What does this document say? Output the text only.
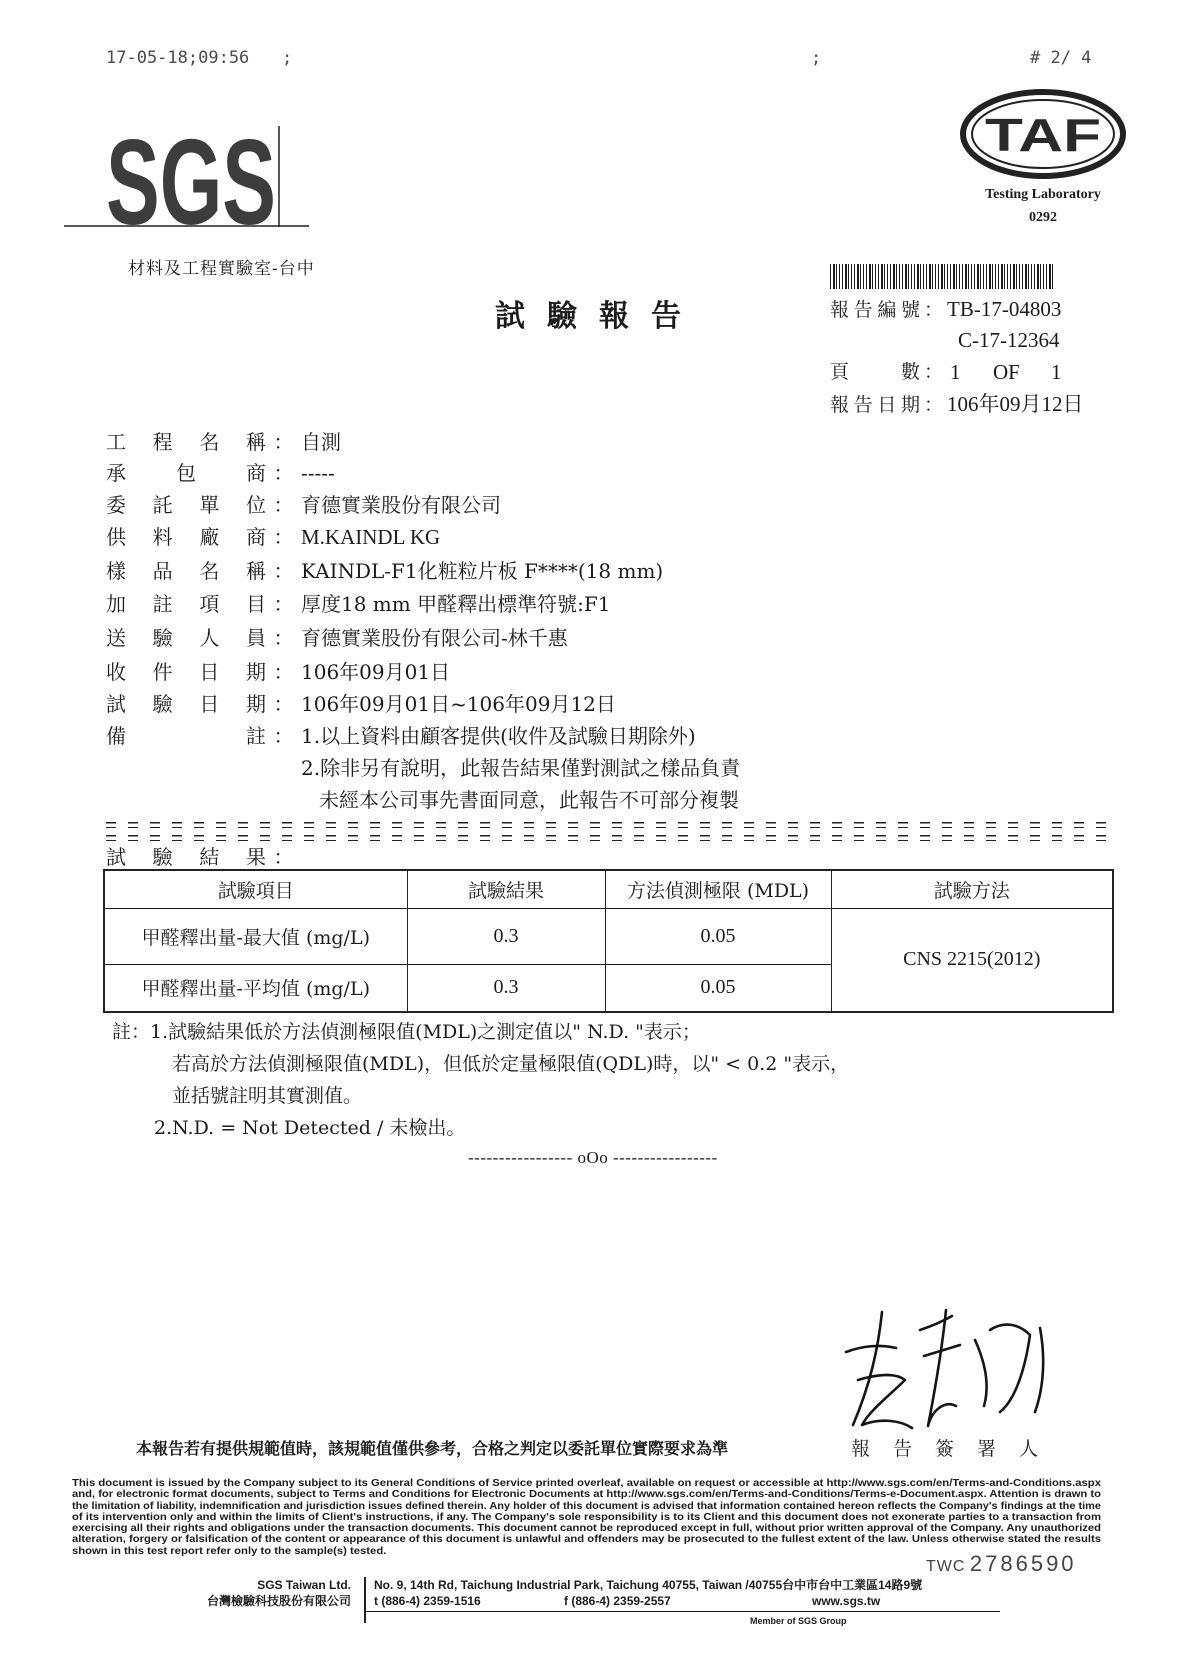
17-05-18;09:56 ;	;	# 2/ 4
SGS
材料及工程實驗室-台中
TAF
Testing Laboratory
0292
試驗報告	報告編號 ： TB-17-04803
C-17-12364
頁數 ： 1 OF 1
報告日期 ： 106年09月12日
工程名稱 ： 自測
承包商 ： -----
委託單位 ： 育德實業股份有限公司
供料廠商 ： M.KAINDL KG
樣品名稱 ： KAINDL-F1化粧粒片板 F****(18 mm)
加註項目 ： 厚度18 mm 甲醛釋出標準符號:F1
送驗人員 ： 育德實業股份有限公司-林千惠
收件日期 ： 106年09月01日
試驗日期 ： 106年09月01日~106年09月12日
備註 ： 1.以上資料由顧客提供(收件及試驗日期除外)
2.除非另有說明，此報告結果僅對測試之樣品負責
未經本公司事先書面同意，此報告不可部分複製
試驗結果 ：
試驗項目	試驗結果	方法偵測極限 (MDL)	試驗方法
甲醛釋出量-最大值 (mg/L)	0.3	0.05	CNS 2215(2012)
甲醛釋出量-平均值 (mg/L)	0.3	0.05	
註：1.試驗結果低於方法偵測極限值(MDL)之測定值以" N.D. "表示；
若高於方法偵測極限值(MDL)，但低於定量極限值(QDL)時，以" < 0.2 "表示，
並括號註明其實測值。
2.N.D. = Not Detected / 未檢出。
----------------- oOo -----------------
本報告若有提供規範值時，該規範值僅供參考，合格之判定以委託單位實際要求為準	報告簽署人
This document is issued by the Company subject to its General Conditions of Service printed overleaf, available on request or accessible at http://www.sgs.com/en/Terms-and-Conditions.aspx
and, for electronic format documents, subject to Terms and Conditions for Electronic Documents at http://www.sgs.com/en/Terms-and-Conditions/Terms-e-Document.aspx. Attention is drawn to
the limitation of liability, indemnification and jurisdiction issues defined therein. Any holder of this document is advised that information contained hereon reflects the Company's findings at the time
of its intervention only and within the limits of Client's instructions, if any. The Company's sole responsibility is to its Client and this document does not exonerate parties to a transaction from
exercising all their rights and obligations under the transaction documents. This document cannot be reproduced except in full, without prior written approval of the Company. Any unauthorized
alteration, forgery or falsification of the content or appearance of this document is unlawful and offenders may be prosecuted to the fullest extent of the law. Unless otherwise stated the results
shown in this test report refer only to the sample(s) tested.
TWC 2786590
SGS Taiwan Ltd.
台灣檢驗科技股份有限公司
No. 9, 14th Rd, Taichung Industrial Park, Taichung 40755, Taiwan /40755台中市台中工業區14路9號
t (886-4) 2359-1516	f (886-4) 2359-2557	www.sgs.tw
Member of SGS Group
